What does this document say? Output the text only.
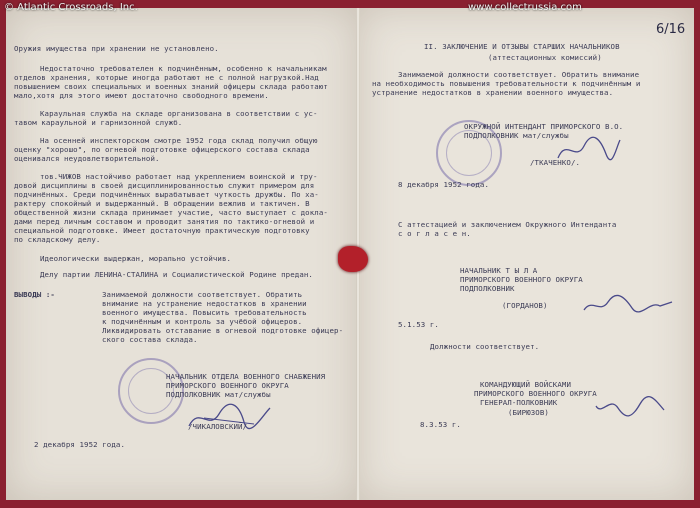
Оружия имущества при хранении не установлено.
Недостаточно требователен к подчинённым, особенно к начальникам
отделов хранения, которые иногда работают не с полной нагрузкой.Над
повышением своих специальных и военных знаний офицеры склада работают
мало,хотя для этого имеют достаточно свободного времени.
Караульная служба на складе организована в соответствии с ус-
тавом караульной и гарнизонной служб.
На осенней инспекторском смотре 1952 года склад получил общую
оценку "хорошо", по огневой подготовке офицерского состава склада
оценивался неудовлетворительной.
тов.ЧИЖОВ настойчиво работает над укреплением воинской и тру-
довой дисциплины в своей дисциплинированностью служит примером для
подчинённых. Среди подчинённых вырабатывает чуткость дружбы. По ха-
рактеру спокойный и выдержанный. В обращении вежлив и тактичен. В
общественной жизни склада принимает участие, часто выступает с докла-
дами перед личным составом и проводит занятия по тактико-огневой и
специальной подготовке. Имеет достаточную практическую подготовку
по складскому делу.
Идеологически выдержан, морально устойчив.
Делу партии ЛЕНИНА-СТАЛИНА и Социалистической Родине предан.
ВЫВОДЫ :-	Занимаемой должности соответствует. Обратить
внимание на устранение недостатков в хранении
военного имущества. Повысить требовательность
к подчинённым и контроль за учёбой офицеров.
Ликвидировать отставание в огневой подготовке офицер-
ского состава склада.
НАЧАЛЬНИК ОТДЕЛА ВОЕННОГО СНАБЖЕНИЯ
ПРИМОРСКОГО ВОЕННОГО ОКРУГА
ПОДПОЛКОВНИК мат/службы
/ЧИКАЛОВСКИЙ/
2 декабря 1952 года.
II. ЗАКЛЮЧЕНИЕ И ОТЗЫВЫ СТАРШИХ НАЧАЛЬНИКОВ
(аттестационных комиссий)
Занимаемой должности соответствует. Обратить внимание
на необходимость повышения требовательности к подчинённым и
устранение недостатков в хранении военного имущества.
ОКРУЖНОЙ ИНТЕНДАНТ ПРИМОРСКОГО В.О.
ПОДПОЛКОВНИК мат/службы
/ТКАЧЕНКО/.
8 декабря 1952 года.
С аттестацией и заключением Окружного Интенданта
с о г л а с е н.
НАЧАЛЬНИК Т Ы Л А
ПРИМОРСКОГО ВОЕННОГО ОКРУГА
ПОДПОЛКОВНИК
(ГОРДАНОВ)
5.1.53 г.
Должности соответствует.
КОМАНДУЮЩИЙ ВОЙСКАМИ
ПРИМОРСКОГО ВОЕННОГО ОКРУГА
ГЕНЕРАЛ-ПОЛКОВНИК
(БИРЮЗОВ)
8.3.53 г.
6/16
© Atlantic Crossroads, Inc.	www.collectrussia.com
